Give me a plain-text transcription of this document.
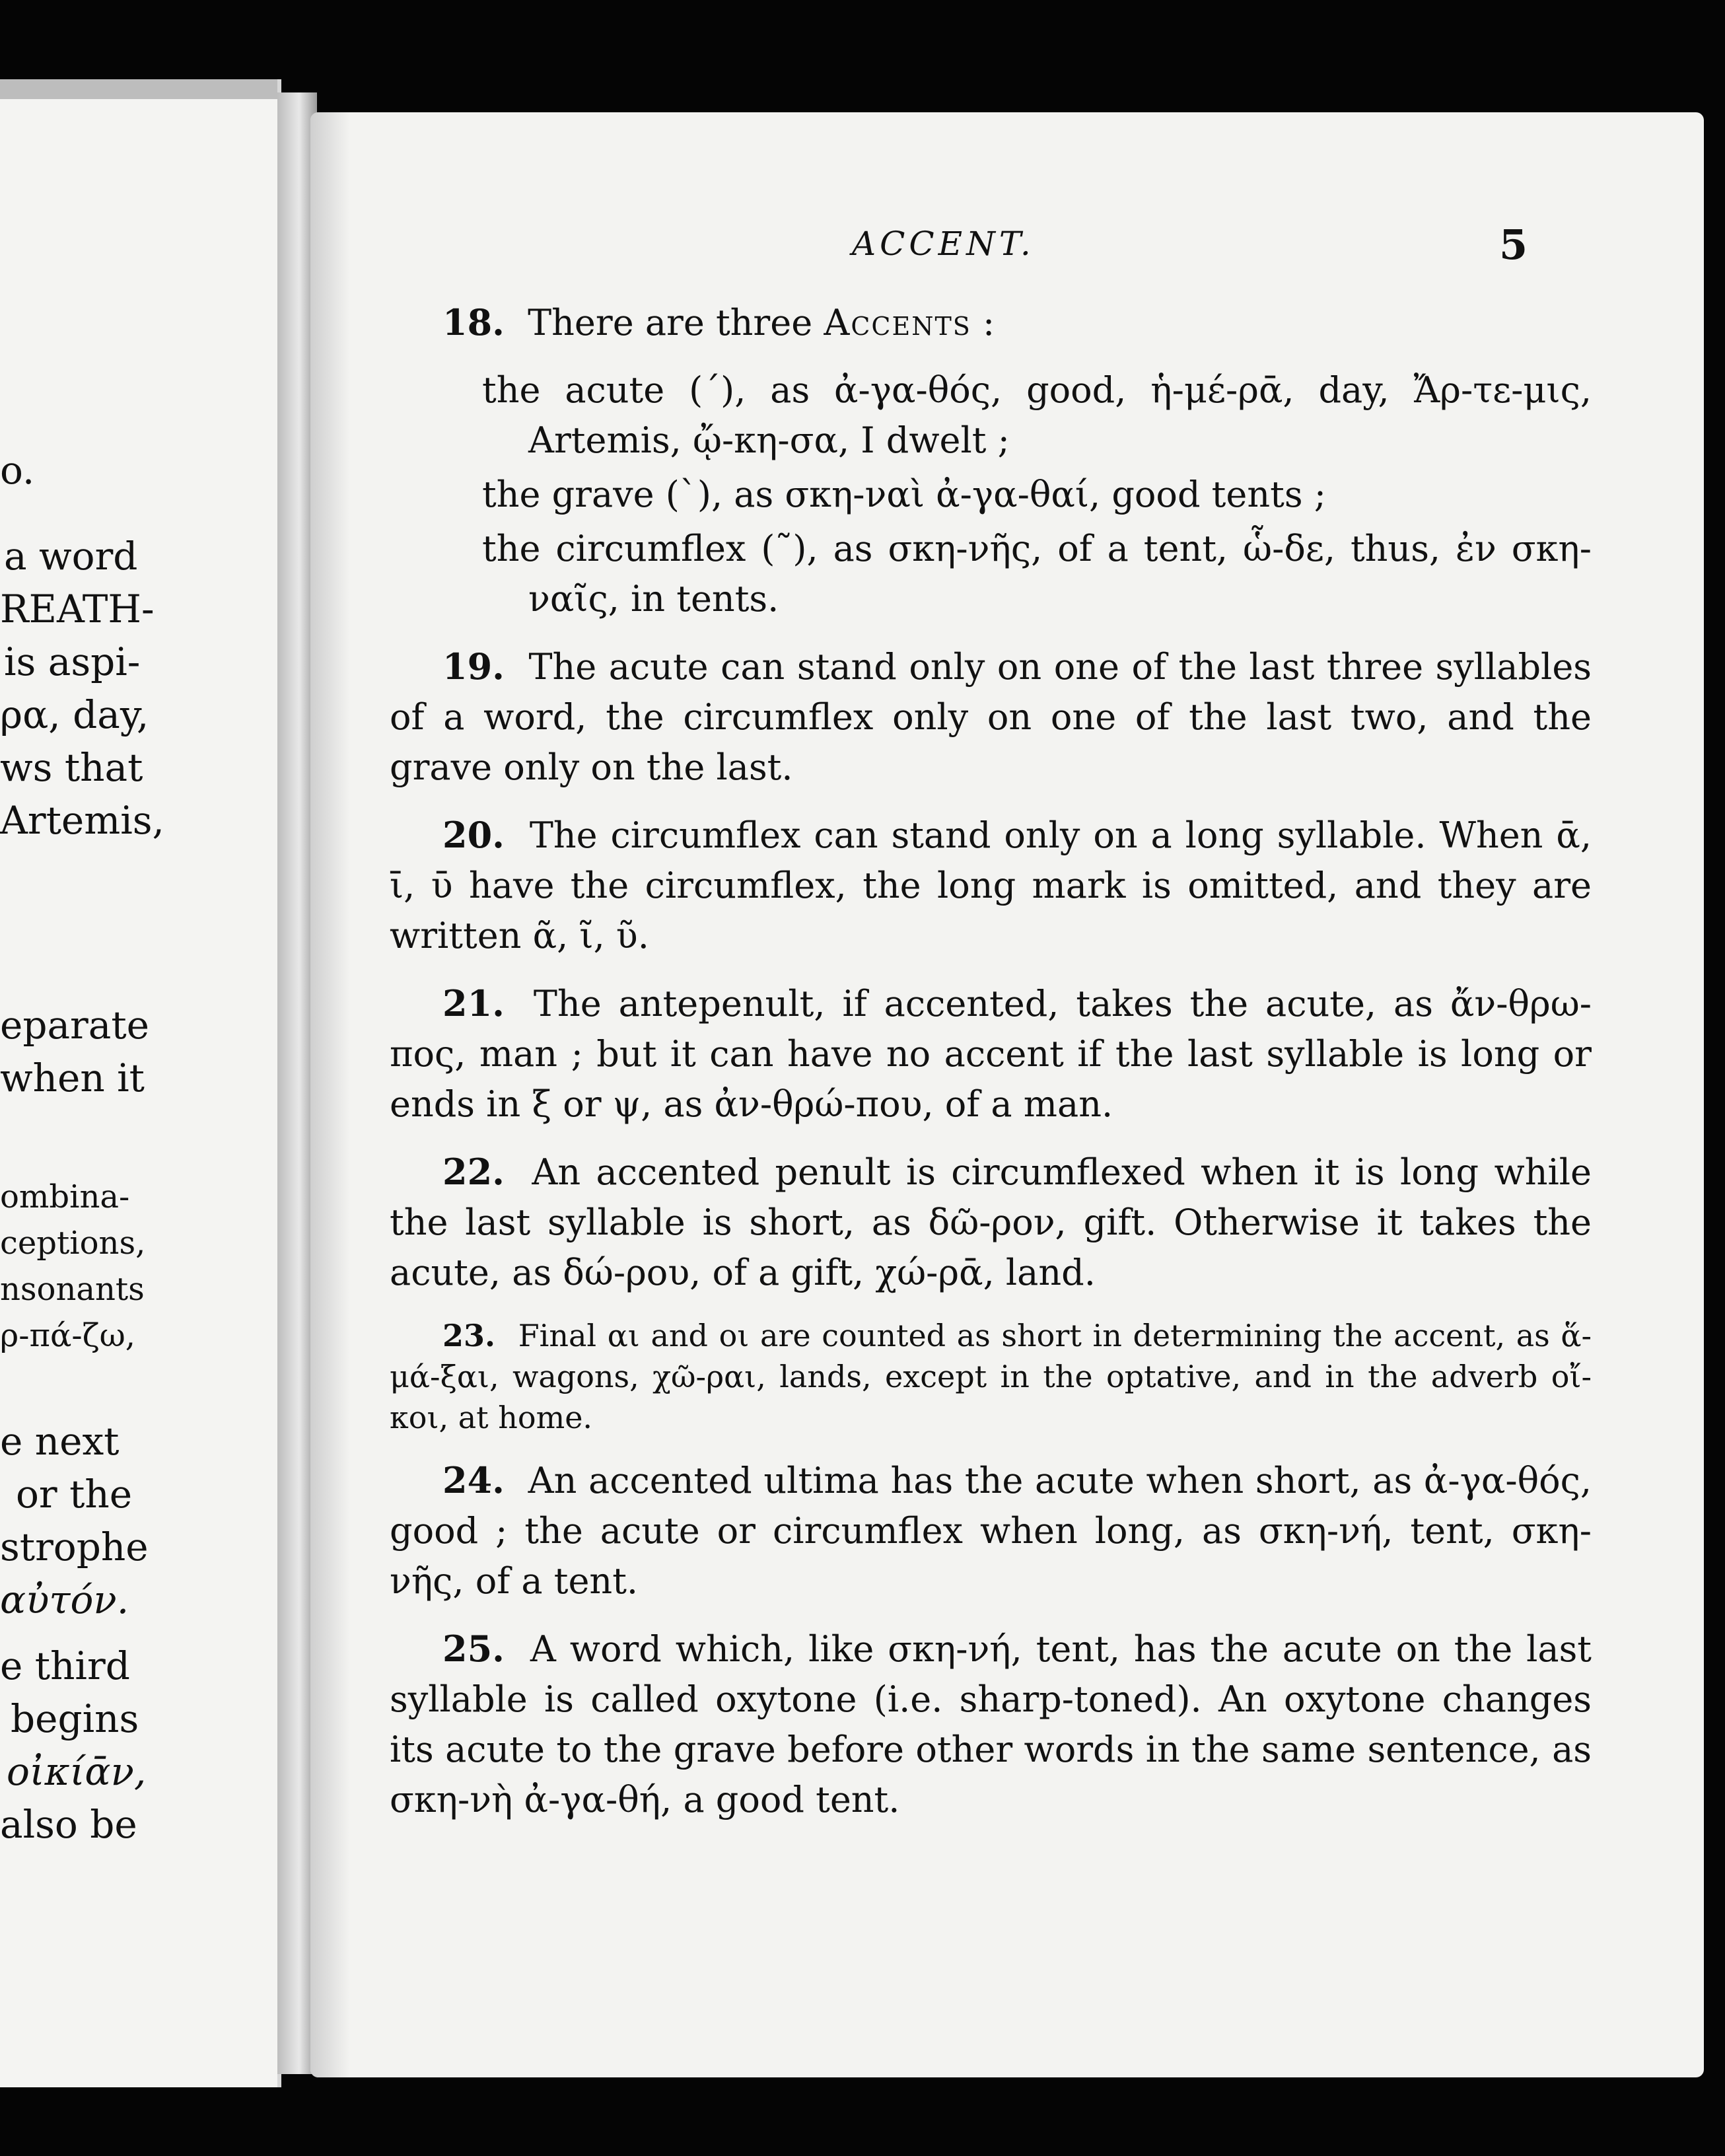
o.
a word
REATH-
is aspi-
ρα, day,
ws that
Artemis,
eparate
when it
ombina-
ceptions,
nsonants
ρ-πά-ζω,
e next
or the
strophe
αὐτόν.
e third
begins
οἰκίᾱν,
also be
ACCENT.	5

18. There are three Accents :

the acute (´), as ἀ-γα-θός, good, ἡ-μέ-ρᾱ, day, Ἄρ-τε-μις, Artemis, ᾤ-κη-σα, I dwelt ;

the grave (`), as σκη-ναὶ ἀ-γα-θαί, good tents ;

the circumflex (῀), as σκη-νῆς, of a tent, ὧ-δε, thus, ἐν σκη-ναῖς, in tents.

19. The acute can stand only on one of the last three syllables of a word, the circumflex only on one of the last two, and the grave only on the last.

20. The circumflex can stand only on a long syllable. When ᾱ, ῑ, ῡ have the circumflex, the long mark is omitted, and they are written ᾶ, ῖ, ῦ.

21. The antepenult, if accented, takes the acute, as ἄν-θρω-πος, man ; but it can have no accent if the last syllable is long or ends in ξ or ψ, as ἀν-θρώ-που, of a man.

22. An accented penult is circumflexed when it is long while the last syllable is short, as δῶ-ρον, gift. Otherwise it takes the acute, as δώ-ρου, of a gift, χώ-ρᾱ, land.

23. Final αι and οι are counted as short in determining the accent, as ἅ-μά-ξαι, wagons, χῶ-ραι, lands, except in the optative, and in the adverb οἴ-κοι, at home.

24. An accented ultima has the acute when short, as ἀ-γα-θός, good ; the acute or circumflex when long, as σκη-νή, tent, σκη-νῆς, of a tent.

25. A word which, like σκη-νή, tent, has the acute on the last syllable is called oxytone (i.e. sharp-toned). An oxytone changes its acute to the grave before other words in the same sentence, as σκη-νὴ ἀ-γα-θή, a good tent.
